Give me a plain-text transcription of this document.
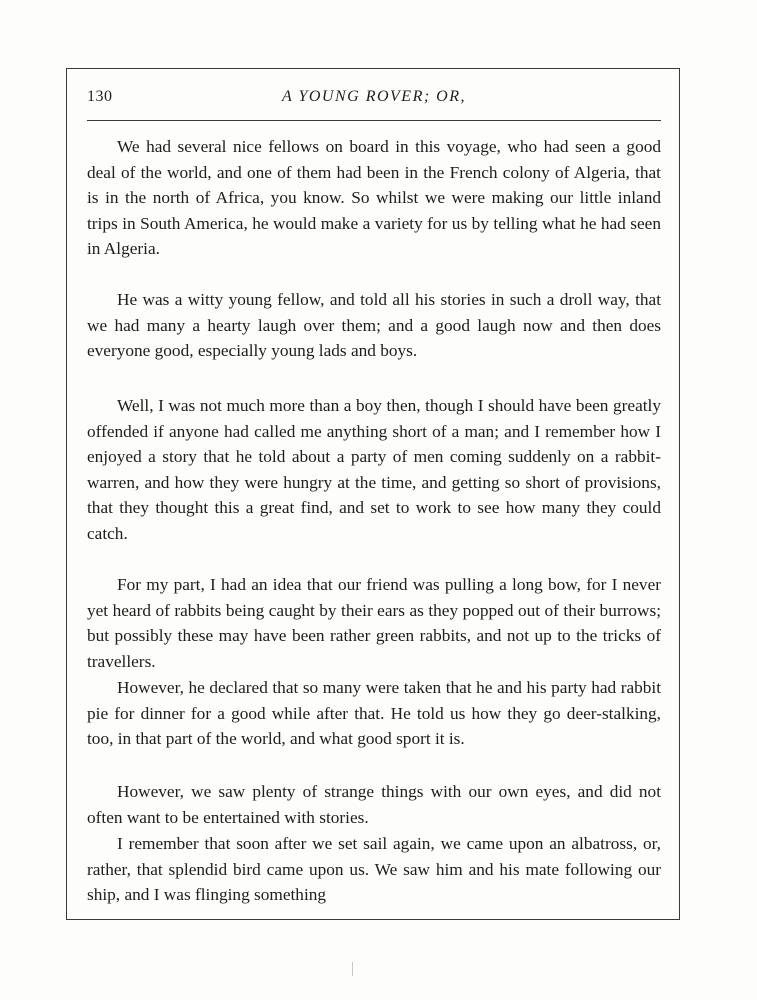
130	A YOUNG ROVER; OR,

We had several nice fellows on board in this voyage, who had seen a good deal of the world, and one of them had been in the French colony of Algeria, that is in the north of Africa, you know. So whilst we were making our little inland trips in South America, he would make a variety for us by telling what he had seen in Algeria.

He was a witty young fellow, and told all his stories in such a droll way, that we had many a hearty laugh over them; and a good laugh now and then does everyone good, especially young lads and boys.

Well, I was not much more than a boy then, though I should have been greatly offended if anyone had called me anything short of a man; and I remember how I enjoyed a story that he told about a party of men coming suddenly on a rabbit-warren, and how they were hungry at the time, and getting so short of provisions, that they thought this a great find, and set to work to see how many they could catch.

For my part, I had an idea that our friend was pulling a long bow, for I never yet heard of rabbits being caught by their ears as they popped out of their burrows; but possibly these may have been rather green rabbits, and not up to the tricks of travellers.

However, he declared that so many were taken that he and his party had rabbit pie for dinner for a good while after that. He told us how they go deer-stalking, too, in that part of the world, and what good sport it is.

However, we saw plenty of strange things with our own eyes, and did not often want to be entertained with stories.

I remember that soon after we set sail again, we came upon an albatross, or, rather, that splendid bird came upon us. We saw him and his mate following our ship, and I was flinging something
